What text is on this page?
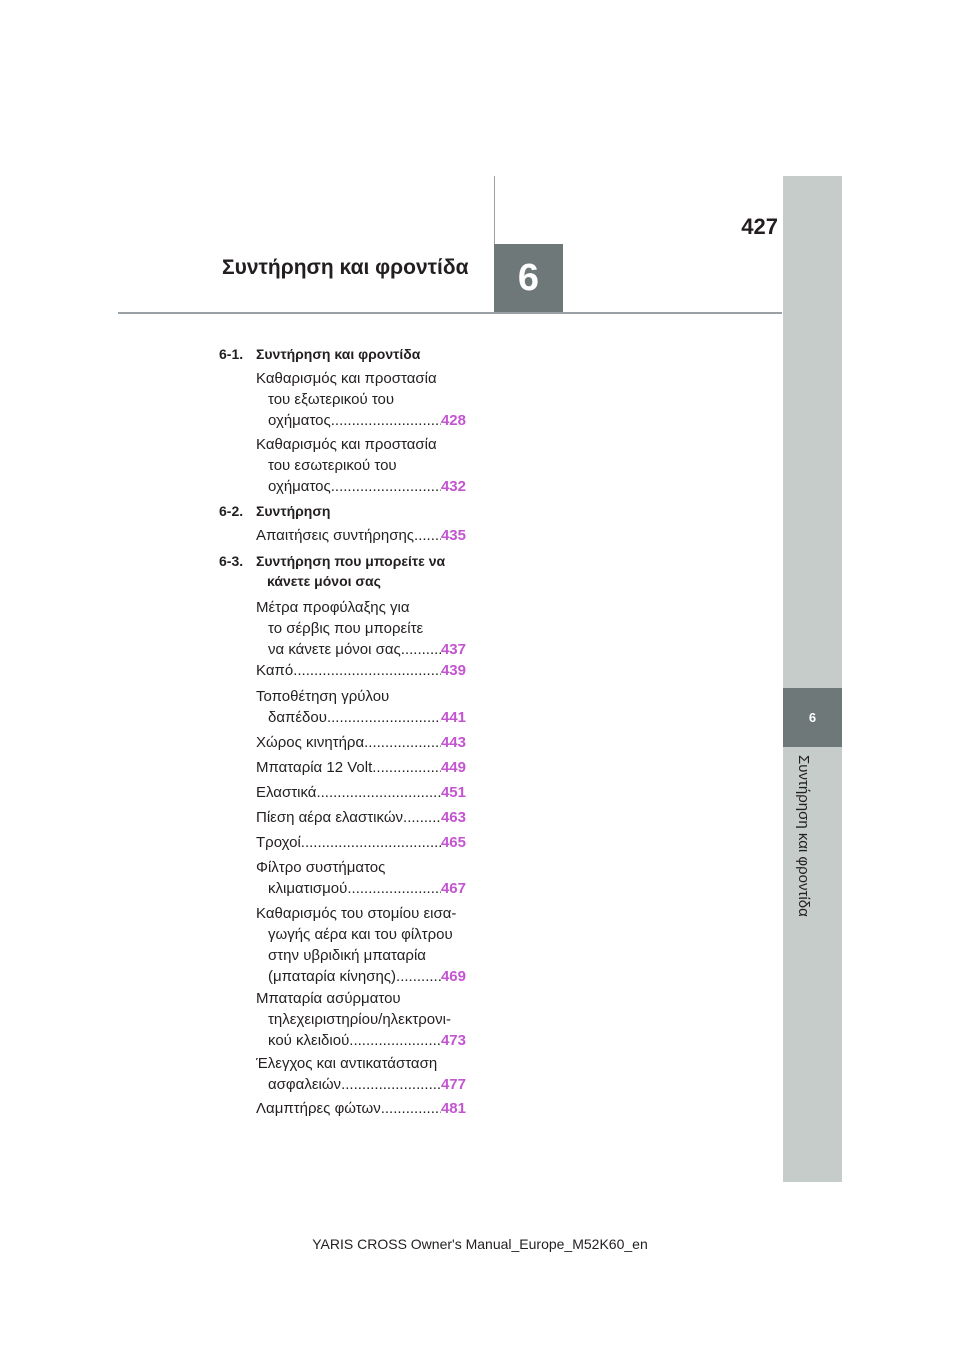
427
Συντήρηση και φροντίδα	6
6
Συντήρηση και φροντίδα
6-1. Συντήρηση και φροντίδα
6-2. Συντήρηση
6-3. Συντήρηση που μπορείτε να
κάνετε μόνοι σας
Καθαρισμός και προστασία
του εξωτερικού του
οχήματος .....	428
Καθαρισμός και προστασία
του εσωτερικού του
οχήματος .....	432
Απαιτήσεις συντήρησης ..... 435
Μέτρα προφύλαξης για
το σέρβις που μπορείτε
να κάνετε μόνοι σας .....	437
Καπό .....	439
Τοποθέτηση γρύλου
δαπέδου .....	441
Χώρος κινητήρα .....	443
Μπαταρία 12 Volt .....	449
Ελαστικά .....	451
Πίεση αέρα ελαστικών .....	463
Τροχοί .....	465
Φίλτρο συστήματος
κλιματισμού .....	467
Καθαρισμός του στομίου εισα-
γωγής αέρα και του φίλτρου
στην υβριδική μπαταρία
(μπαταρία κίνησης) .....	469
Μπαταρία ασύρματου
τηλεχειριστηρίου/ηλεκτρονι-
κού κλειδιού .....	473
Έλεγχος και αντικατάσταση
ασφαλειών .....	477
Λαμπτήρες φώτων .....	481
YARIS CROSS Owner's Manual_Europe_M52K60_en
